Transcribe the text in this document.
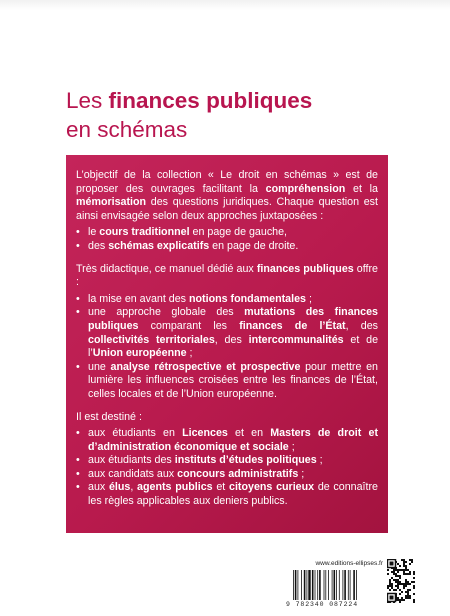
Les finances publiques
en schémas

L’objectif de la collection « Le droit en schémas » est de proposer des ouvrages facilitant la compréhension et la mémorisation des questions juridiques. Chaque question est ainsi envisagée selon deux approches juxtaposées :

• le cours traditionnel en page de gauche,
• des schémas explicatifs en page de droite.

Très didactique, ce manuel dédié aux finances publiques offre :

• la mise en avant des notions fondamentales ;
• une approche globale des mutations des finances publiques comparant les finances de l’État, des collectivités territoriales, des intercommunalités et de l’Union européenne ;
• une analyse rétrospective et prospective pour mettre en lumière les influences croisées entre les finances de l’État, celles locales et de l’Union européenne.

Il est destiné :

• aux étudiants en Licences et en Masters de droit et d’administration économique et sociale ;
• aux étudiants des instituts d’études politiques ;
• aux candidats aux concours administratifs ;
• aux élus, agents publics et citoyens curieux de connaître les règles applicables aux deniers publics.
www.editions-ellipses.fr
9 782340 087224
